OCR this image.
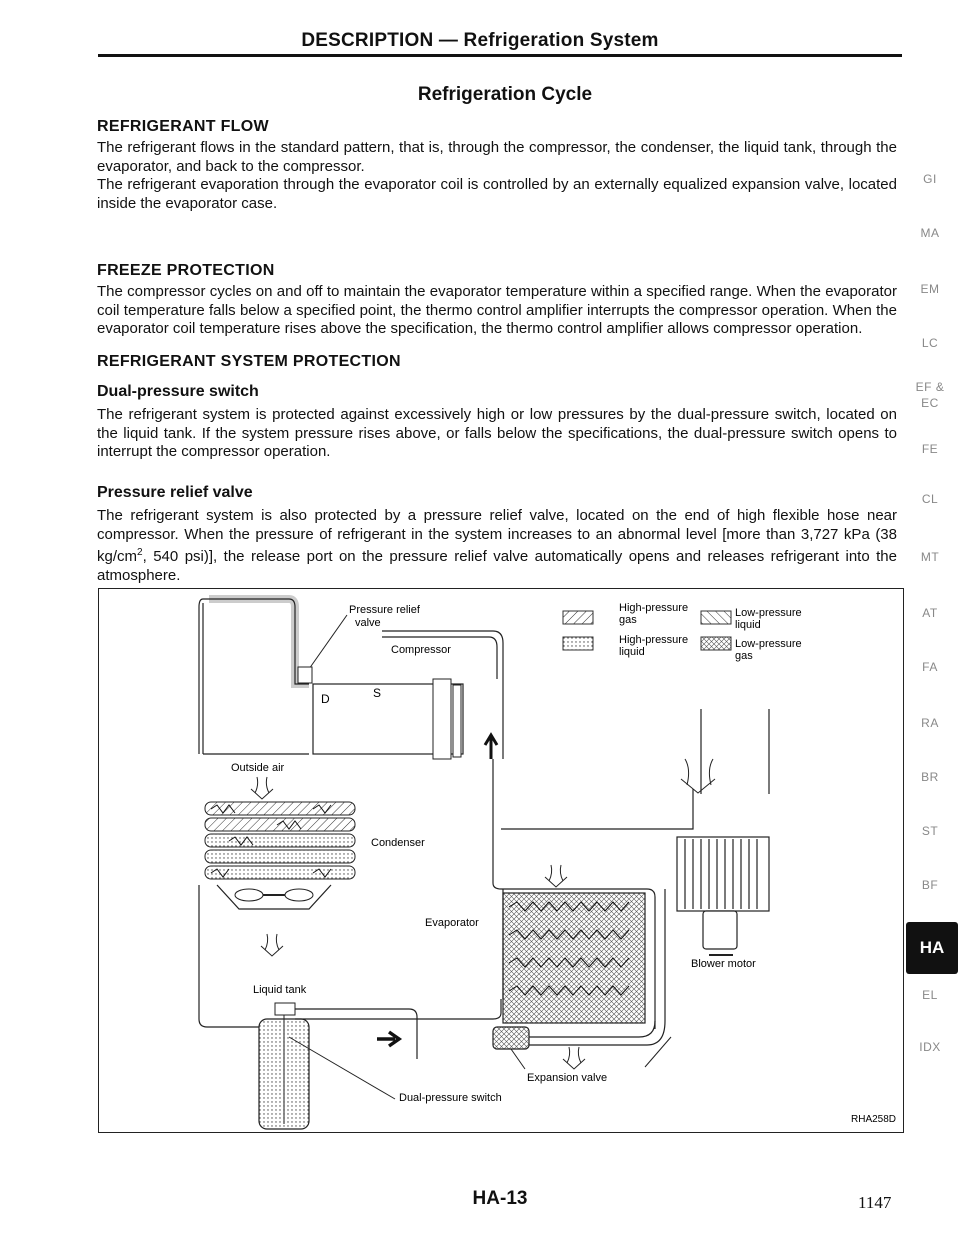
DESCRIPTION — Refrigeration System
Refrigeration Cycle
REFRIGERANT FLOW

The refrigerant flows in the standard pattern, that is, through the compressor, the condenser, the liquid tank, through the evaporator, and back to the compressor.

The refrigerant evaporation through the evaporator coil is controlled by an externally equalized expansion valve, located inside the evaporator case.

FREEZE PROTECTION

The compressor cycles on and off to maintain the evaporator temperature within a specified range. When the evaporator coil temperature falls below a specified point, the thermo control amplifier interrupts the compressor operation. When the evaporator coil temperature rises above the specification, the thermo control amplifier allows compressor operation.

REFRIGERANT SYSTEM PROTECTION
Dual-pressure switch

The refrigerant system is protected against excessively high or low pressures by the dual-pressure switch, located on the liquid tank. If the system pressure rises above, or falls below the specifications, the dual-pressure switch opens to interrupt the compressor operation.

Pressure relief valve

The refrigerant system is also protected by a pressure relief valve, located on the end of high flexible hose near compressor. When the pressure of refrigerant in the system increases to an abnormal level [more than 3,727 kPa (38 $kg/cm^2$, 540 psi)], the release port on the pressure relief valve automatically opens and releases refrigerant into the atmosphere.

High-pressure
gas
Low-pressure
liquid
High-pressure
liquid
Low-pressure
gas
Pressure relief
valve
Compressor
D	S
Outside air
Condenser
Liquid tank
Evaporator
Expansion valve
Dual-pressure switch
Blower motor
RHA258D
GI
MA
EM
LC
EF &
EC
FE
CL
MT
AT
FA
RA
BR
ST
BF
EL
IDX
HA
HA-13	1147
